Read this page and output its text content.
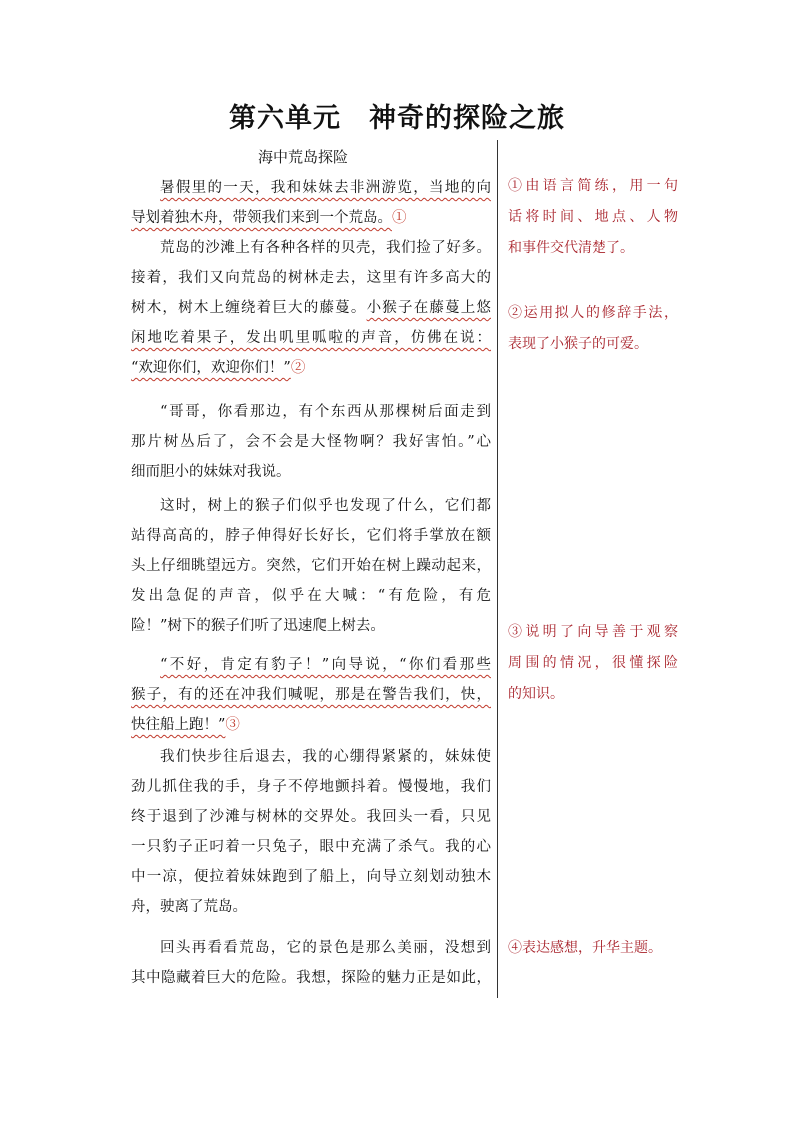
第六单元 神奇的探险之旅
海中荒岛探险
暑假里的一天，我和妹妹去非洲游览，当地的向
导划着独木舟，带领我们来到一个荒岛。①
荒岛的沙滩上有各种各样的贝壳，我们捡了好多。
接着，我们又向荒岛的树林走去，这里有许多高大的
树木，树木上缠绕着巨大的藤蔓。小猴子在藤蔓上悠
闲地吃着果子，发出叽里呱啦的声音，仿佛在说：
“欢迎你们，欢迎你们！”②
“哥哥，你看那边，有个东西从那棵树后面走到
那片树丛后了，会不会是大怪物啊？我好害怕。”心
细而胆小的妹妹对我说。
这时，树上的猴子们似乎也发现了什么，它们都
站得高高的，脖子伸得好长好长，它们将手掌放在额
头上仔细眺望远方。突然，它们开始在树上躁动起来，
发出急促的声音，似乎在大喊：“有危险，有危
险！”树下的猴子们听了迅速爬上树去。
“不好，肯定有豹子！”向导说，“你们看那些
猴子，有的还在冲我们喊呢，那是在警告我们，快，
快往船上跑！”③
我们快步往后退去，我的心绷得紧紧的，妹妹使
劲儿抓住我的手，身子不停地颤抖着。慢慢地，我们
终于退到了沙滩与树林的交界处。我回头一看，只见
一只豹子正叼着一只兔子，眼中充满了杀气。我的心
中一凉，便拉着妹妹跑到了船上，向导立刻划动独木
舟，驶离了荒岛。
回头再看看荒岛，它的景色是那么美丽，没想到
其中隐藏着巨大的危险。我想，探险的魅力正是如此，
①由语言简练，用一句
话将时间、地点、人物
和事件交代清楚了。
②运用拟人的修辞手法，
表现了小猴子的可爱。
③说明了向导善于观察
周围的情况，很懂探险
的知识。
④表达感想，升华主题。
